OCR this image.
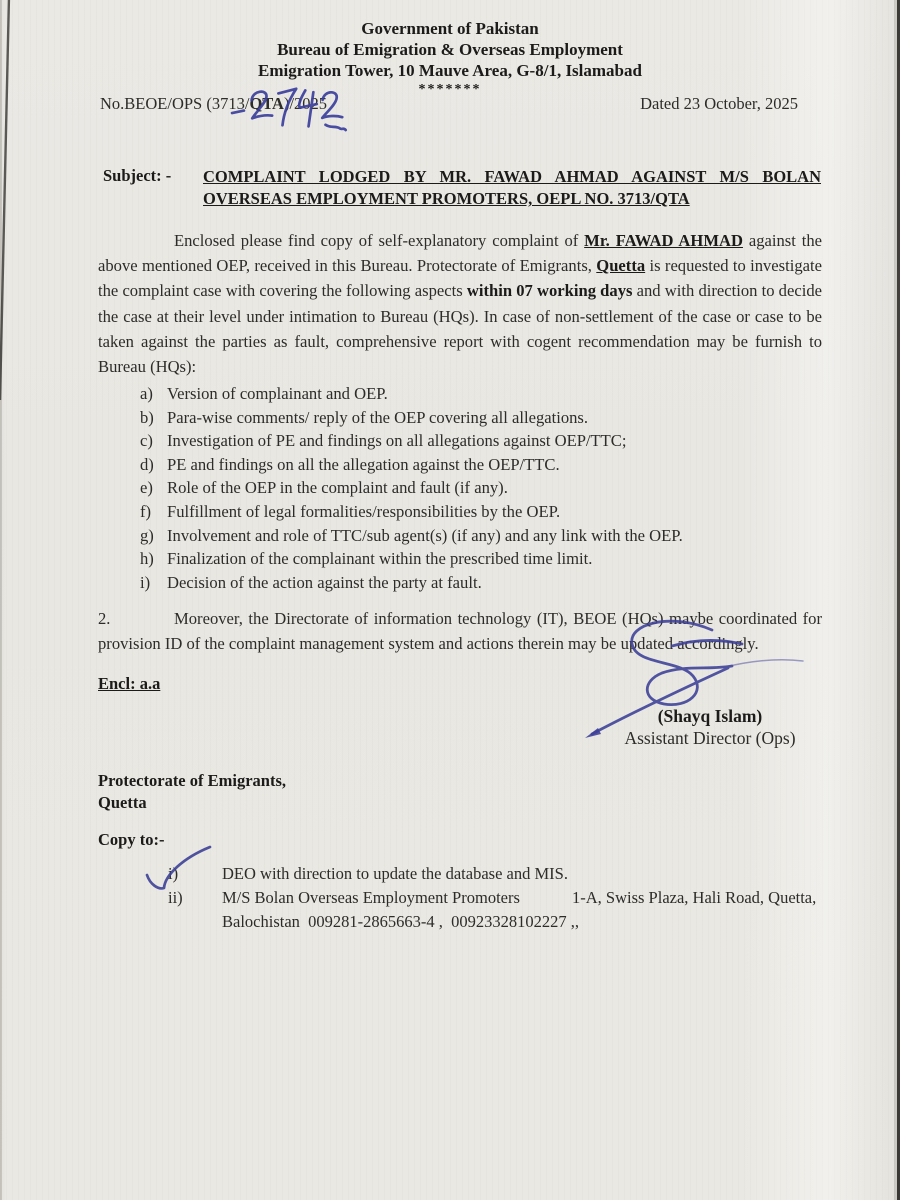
Government of Pakistan
Bureau of Emigration & Overseas Employment
Emigration Tower, 10 Mauve Area, G-8/1, Islamabad
*******
No.BEOE/OPS (3713/QTA)/2025	Dated 23 October, 2025
Subject: - COMPLAINT LODGED BY MR. FAWAD AHMAD AGAINST M/S BOLAN
OVERSEAS EMPLOYMENT PROMOTERS, OEPL NO. 3713/QTA
Enclosed please find copy of self-explanatory complaint of Mr. FAWAD AHMAD against the above mentioned OEP, received in this Bureau. Protectorate of Emigrants, Quetta is requested to investigate the complaint case with covering the following aspects within 07 working days and with direction to decide the case at their level under intimation to Bureau (HQs). In case of non-settlement of the case or case to be taken against the parties as fault, comprehensive report with cogent recommendation may be furnish to Bureau (HQs):
a) Version of complainant and OEP.
b) Para-wise comments/ reply of the OEP covering all allegations.
c) Investigation of PE and findings on all allegations against OEP/TTC;
d) PE and findings on all the allegation against the OEP/TTC.
e) Role of the OEP in the complaint and fault (if any).
f) Fulfillment of legal formalities/responsibilities by the OEP.
g) Involvement and role of TTC/sub agent(s) (if any) and any link with the OEP.
h) Finalization of the complainant within the prescribed time limit.
i) Decision of the action against the party at fault.
2.	Moreover, the Directorate of information technology (IT), BEOE (HQs) maybe coordinated for provision ID of the complaint management system and actions therein may be updated accordingly.
Encl: a.a
(Shayq Islam)
Assistant Director (Ops)
Protectorate of Emigrants,
Quetta
Copy to:-
i)	DEO with direction to update the database and MIS.
ii)	M/S Bolan Overseas Employment Promoters	1-A, Swiss Plaza, Hali Road, Quetta,
Balochistan  009281-2865663-4 ,  00923328102227 ,,
